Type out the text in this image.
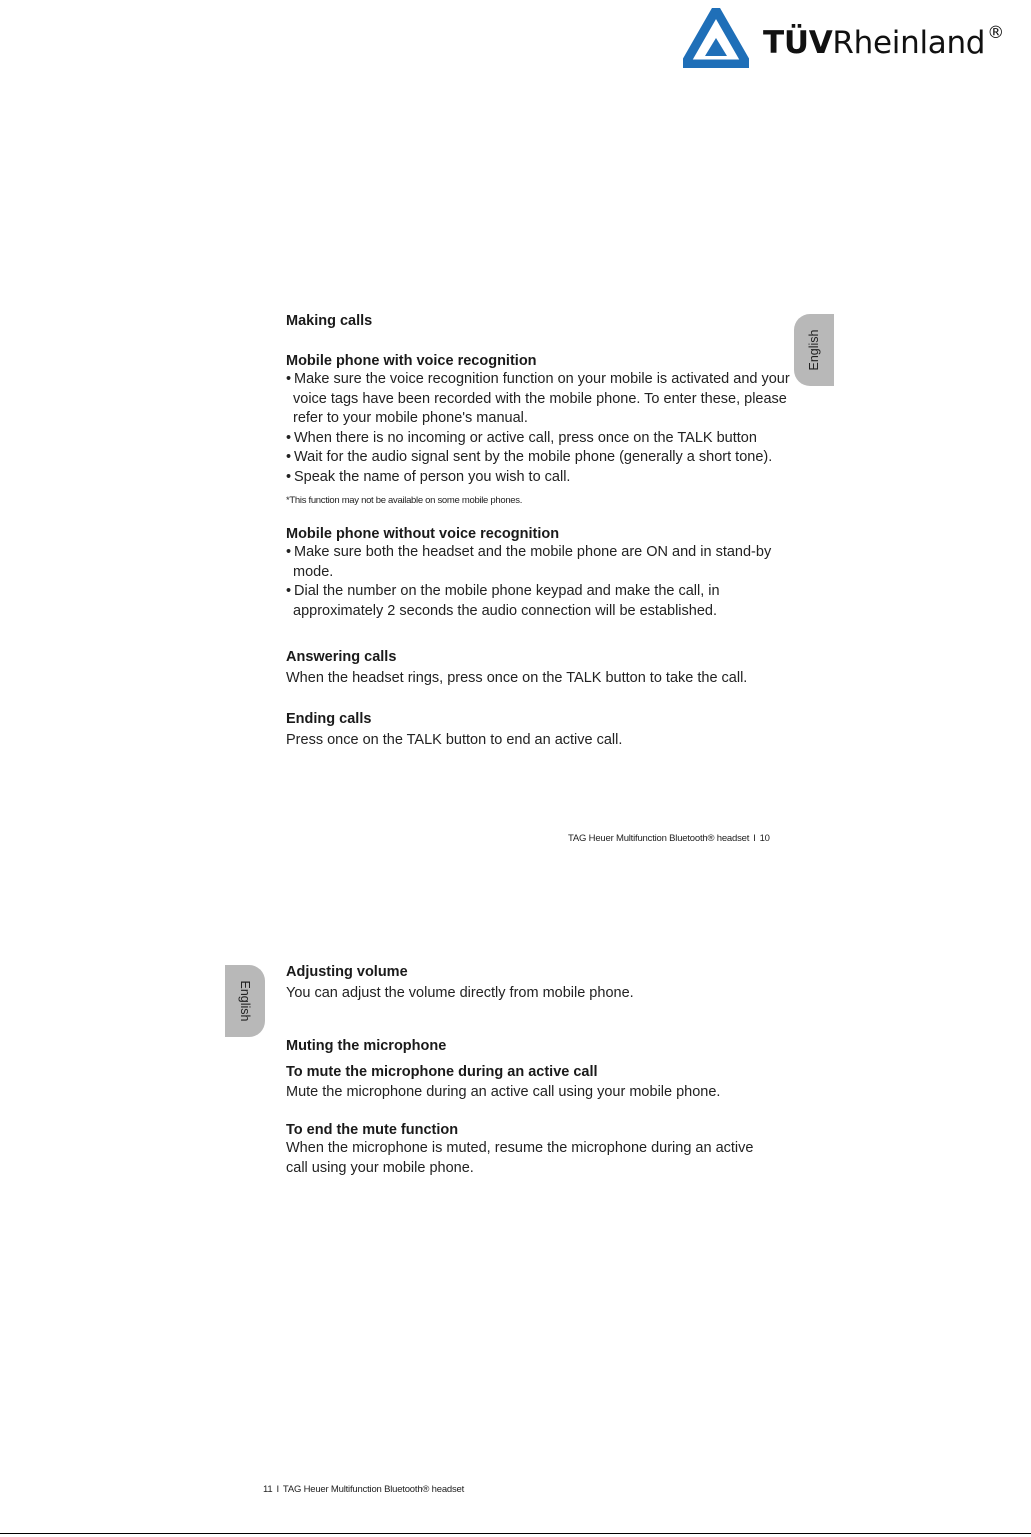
TÜVRheinland ®
English
Making calls
Mobile phone with voice recognition
• Make sure the voice recognition function on your mobile is activated and your voice tags have been recorded with the mobile phone. To enter these, please refer to your mobile phone's manual.
• When there is no incoming or active call, press once on the TALK button
• Wait for the audio signal sent by the mobile phone (generally a short tone).
• Speak the name of person you wish to call.

*This function may not be available on some mobile phones.

Mobile phone without voice recognition
• Make sure both the headset and the mobile phone are ON and in stand-by mode.
• Dial the number on the mobile phone keypad and make the call, in approximately 2 seconds the audio connection will be established.
Answering calls

When the headset rings, press once on the TALK button to take the call.

Ending calls

Press once on the TALK button to end an active call.

TAG Heuer Multifunction Bluetooth® headset I 10
English
Adjusting volume

You can adjust the volume directly from mobile phone.

Muting the microphone
To mute the microphone during an active call

Mute the microphone during an active call using your mobile phone.

To end the mute function

When the microphone is muted, resume the microphone during an active call using your mobile phone.

11 I TAG Heuer Multifunction Bluetooth® headset
